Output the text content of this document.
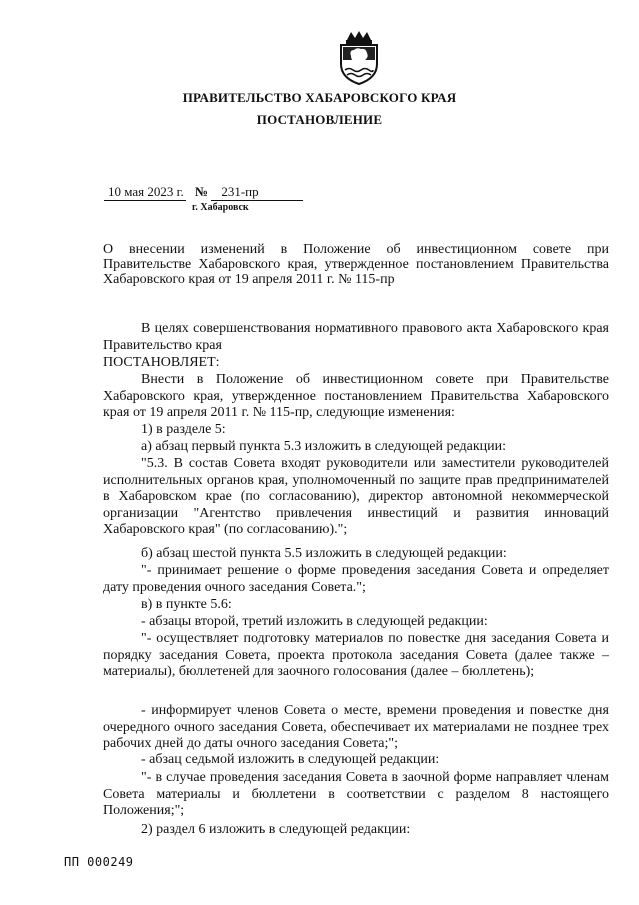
ПРАВИТЕЛЬСТВО ХАБАРОВСКОГО КРАЯ
ПОСТАНОВЛЕНИЕ
10 мая 2023 г. № 231-пр
г. Хабаровск
О внесении изменений в Положение об инвестиционном совете при
Правительстве Хабаровского края, утвержденное постановлением Правительства
Хабаровского края от 19 апреля 2011 г. № 115-пр
В целях совершенствования нормативного правового акта Хабаровского края Правительство края
ПОСТАНОВЛЯЕТ:
Внести в Положение об инвестиционном совете при Правительстве Хабаровского края, утвержденное постановлением Правительства Хабаровского края от 19 апреля 2011 г. № 115-пр, следующие изменения:
1) в разделе 5:
а) абзац первый пункта 5.3 изложить в следующей редакции:
"5.3. В состав Совета входят руководители или заместители руководителей исполнительных органов края, уполномоченный по защите прав предпринимателей в Хабаровском крае (по согласованию), директор автономной некоммерческой организации "Агентство привлечения инвестиций и развития инноваций Хабаровского края" (по согласованию).";
б) абзац шестой пункта 5.5 изложить в следующей редакции:
"- принимает решение о форме проведения заседания Совета и определяет дату проведения очного заседания Совета.";
в) в пункте 5.6:
- абзацы второй, третий изложить в следующей редакции:
"- осуществляет подготовку материалов по повестке дня заседания Совета и порядку заседания Совета, проекта протокола заседания Совета (далее также – материалы), бюллетеней для заочного голосования (далее – бюллетень);
- информирует членов Совета о месте, времени проведения и повестке дня очередного очного заседания Совета, обеспечивает их материалами не позднее трех рабочих дней до даты очного заседания Совета;";
- абзац седьмой изложить в следующей редакции:
"- в случае проведения заседания Совета в заочной форме направляет членам Совета материалы и бюллетени в соответствии с разделом 8 настоящего Положения;";
2) раздел 6 изложить в следующей редакции:
ПП 000249
